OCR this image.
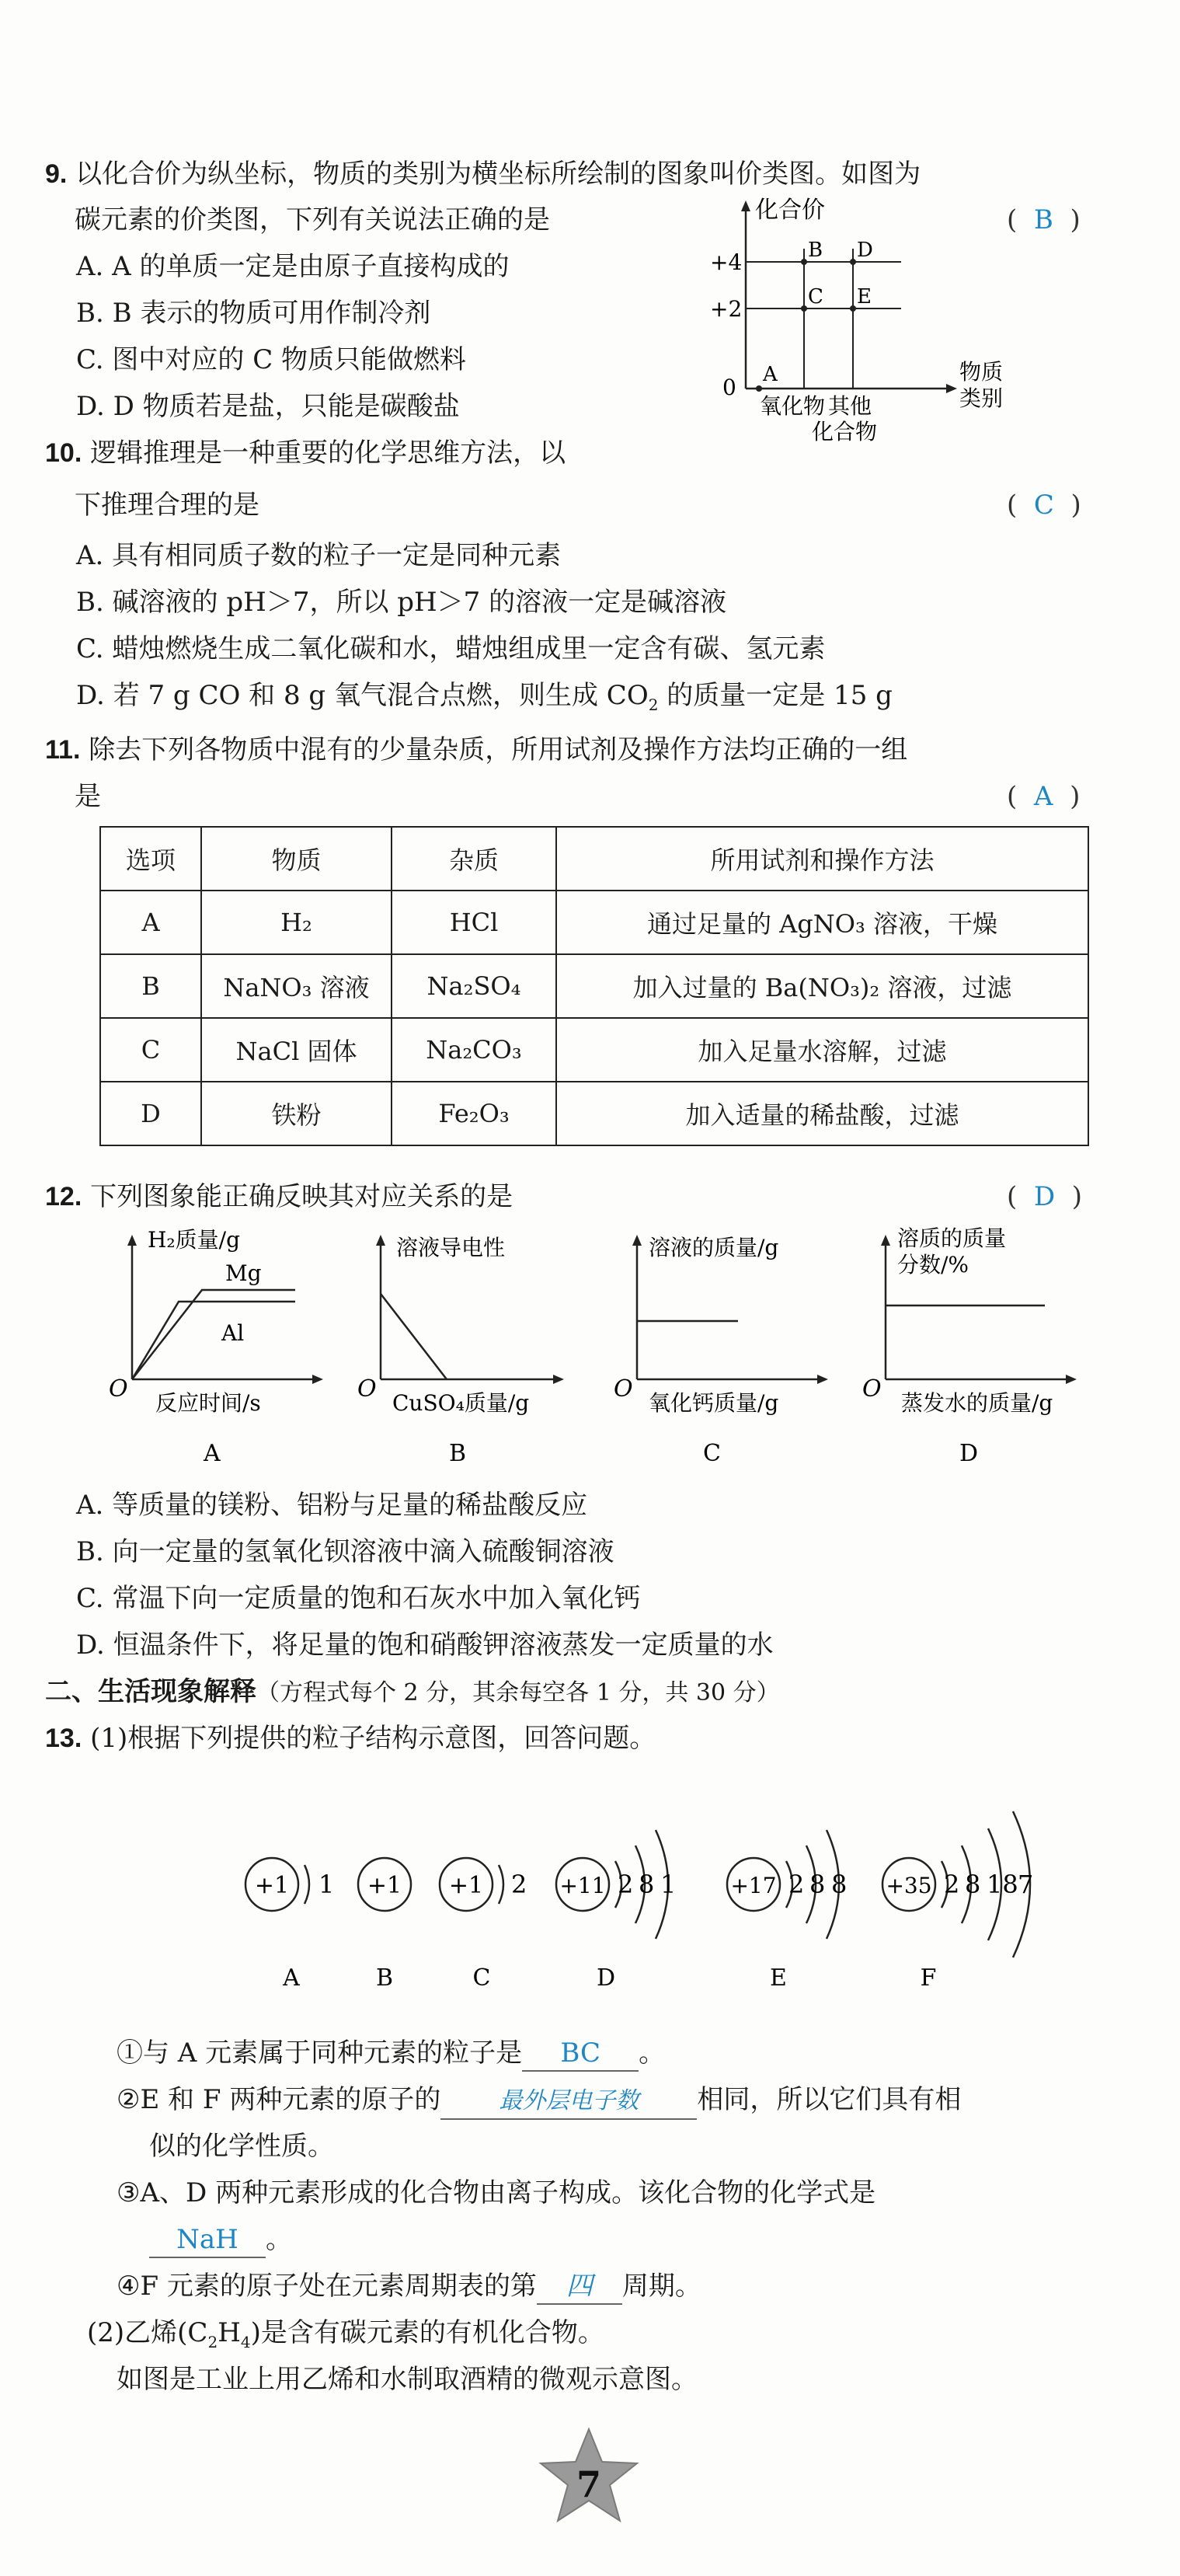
9. 以化合价为纵坐标，物质的类别为横坐标所绘制的图象叫价类图。如图为
碳元素的价类图，下列有关说法正确的是	( B )
A. A 的单质一定是由原子直接构成的
B. B 表示的物质可用作制冷剂
C. 图中对应的 C 物质只能做燃料
D. D 物质若是盐，只能是碳酸盐
化合价
+4
+2
0 A
B
C
D
E
氧化物 其他
化合物
物质
类别
10. 逻辑推理是一种重要的化学思维方法，以
下推理合理的是	( C )
A. 具有相同质子数的粒子一定是同种元素
B. 碱溶液的 pH＞7，所以 pH＞7 的溶液一定是碱溶液
C. 蜡烛燃烧生成二氧化碳和水，蜡烛组成里一定含有碳、氢元素
D. 若 7 g CO 和 8 g 氧气混合点燃，则生成 $CO_2$ 的质量一定是 15 g
11. 除去下列各物质中混有的少量杂质，所用试剂及操作方法均正确的一组
是	( A )
选项	物质	杂质	所用试剂和操作方法
A	H₂	HCl	通过足量的 AgNO₃ 溶液，干燥
B	NaNO₃ 溶液	Na₂SO₄	加入过量的 Ba(NO₃)₂ 溶液，过滤
C	NaCl 固体	Na₂CO₃	加入足量水溶解，过滤
D	铁粉	Fe₂O₃	加入适量的稀盐酸，过滤
12. 下列图象能正确反映其对应关系的是	( D )
H₂质量/g
Mg
Al
O
反应时间/s
A
溶液导电性
O
CuSO₄质量/g
B
溶液的质量/g
O
氧化钙质量/g
C
溶质的质量
分数/%
O
蒸发水的质量/g
D
A. 等质量的镁粉、铝粉与足量的稀盐酸反应
B. 向一定量的氢氧化钡溶液中滴入硫酸铜溶液
C. 常温下向一定质量的饱和石灰水中加入氧化钙
D. 恒温条件下，将足量的饱和硝酸钾溶液蒸发一定质量的水
二、生活现象解释（方程式每个 2 分，其余每空各 1 分，共 30 分）
13. (1)根据下列提供的粒子结构示意图，回答问题。
+1 1
A
+1
B
+1 2
C
+11 2 8 1
D
+17 2 8 8
E
+35 2 8 18 7
F
①与 A 元素属于同种元素的粒子是 BC 。
②E 和 F 两种元素的原子的	最外层电子数 相同，所以它们具有相
似的化学性质。
③A、D 两种元素形成的化合物由离子构成。该化合物的化学式是
NaH 。
④F 元素的原子处在元素周期表的第 四 周期。
(2)乙烯$(C_2H_4)$是含有碳元素的有机化合物。
如图是工业上用乙烯和水制取酒精的微观示意图。
7
